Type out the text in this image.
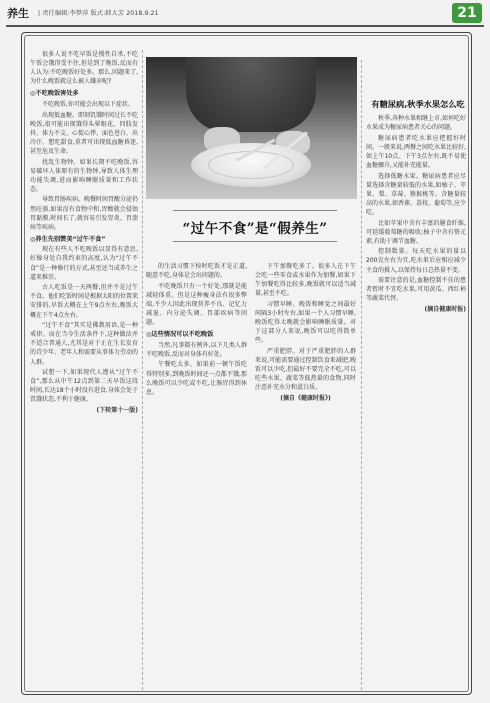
养生 | 责任编辑:李梦萍 版式:韩大芳 2018.9.21	21

很多人说不吃早饭是慢性自杀,不吃午饭会饿得受不住,但是到了晚饭,反而有人认为:不吃晚饭好处多。那么,问题来了,为什么晚饭就这么被人嫌弃呢?

◎不吃晚饭害处多

不吃晚饭,你可能会出现以下症状。

出现低血糖。即刻饥饿时间过长不吃晚饭,很可能出现饿得头晕眼花、四肢发抖、体力不支、心慌心悸、面色苍白、出冷汗、想吃甜食,重者可出现低血糖昏迷,甚至危及生命。

扰乱生物钟。如果长期不吃晚饭,容易破坏人体原有的生物钟,导致人体生理功能失调,进而影响睡眠质量和工作状态。

导致胃肠疾病。晚餐时间胃酸分泌仍然旺盛,如果没有食物中和,胃酸就会侵蚀胃黏膜,时间长了,就容易引发胃炎、胃溃疡等疾病。

◎养生先别赞美“过午不食”

现在有些人不吃晚饭以显得有意思,好像身处自我约束的高度,认为“过午不食”是一种修行的方式,甚至还当成养生之道来推崇。

古人吃饭是一天两餐,但并不是过午不食。他们吃饭时间是根据太阳的位置来安排的,早饭大概在上午9点左右,晚饭大概在下午4点左右。

“过午不食”其实是佛教用语,是一种戒律。而在当今生活条件下,这种做法并不适合普通人,尤其是对于正在生长发育的青少年、老年人和需要从事体力劳动的人群。

试想一下,如果现代人遵从“过午不食”,那么从中午12点到第二天早饭这段时间,长达18个小时没有进食,身体会处于饥饿状态,不利于健康。

(下转第十一版)

“过午不食”是“假养生”

的生活习惯下按时吃饭才是正道,随意不吃,身体是会出问题的。

不吃晚饭只有一个好处,那就是能减轻体重。但是这种瘦身法有很多弊端,不少人因此出现营养不良、记忆力减退、内分泌失调、胃部疾病等问题。

◎这些情况可以不吃晚饭

当然,凡事都有例外,以下几类人群不吃晚饭,反而对身体有好处。

午餐吃太多。如果前一顿午饭吃得特别多,到晚饭时间还一点都不饿,那么晚饭可以少吃或不吃,让肠胃得到休息。

下午加餐吃多了。很多人在下午会吃一些零食或水果作为加餐,如果下午加餐吃得比较多,晚饭就可以适当减量,甚至不吃。

习惯早睡。晚饭和睡觉之间最好间隔3小时左右,如果一个人习惯早睡,晚饭吃得太晚就会影响睡眠质量。对于这部分人来说,晚饭可以吃得简单些。

严重肥胖。对于严重肥胖的人群来说,可能需要通过控制饮食来减肥,晚饭可以少吃,但最好不要完全不吃,可以吃些水果、蔬菜等低热量的食物,同时注意补充水分和蛋白质。

(摘自《健康时报》)

有糖尿病,秋季水果怎么吃

秋季,各种水果相继上市,如何吃好水果成为糖尿病患者关心的问题。

糖尿病患者吃水果应把握好时间。一般来说,两餐之间吃水果比较好,如上午10点、下午3点左右,既不易使血糖骤升,又能补充能量。

选择低糖水果。糖尿病患者应尽量选择含糖量较低的水果,如柚子、苹果、梨、草莓、猕猴桃等。含糖量较高的水果,如香蕉、荔枝、葡萄等,应少吃。

比如苹果中含有丰富的膳食纤维,可延缓葡萄糖的吸收;柚子中含有铬元素,有助于调节血糖。

控制数量。每天吃水果的量以200克左右为宜,吃水果后应相应减少主食的摄入,以保持每日总热量不变。

需要注意的是,血糖控制不佳的患者暂时不宜吃水果,可用黄瓜、西红柿等蔬菜代替。

(摘自健康时报)
